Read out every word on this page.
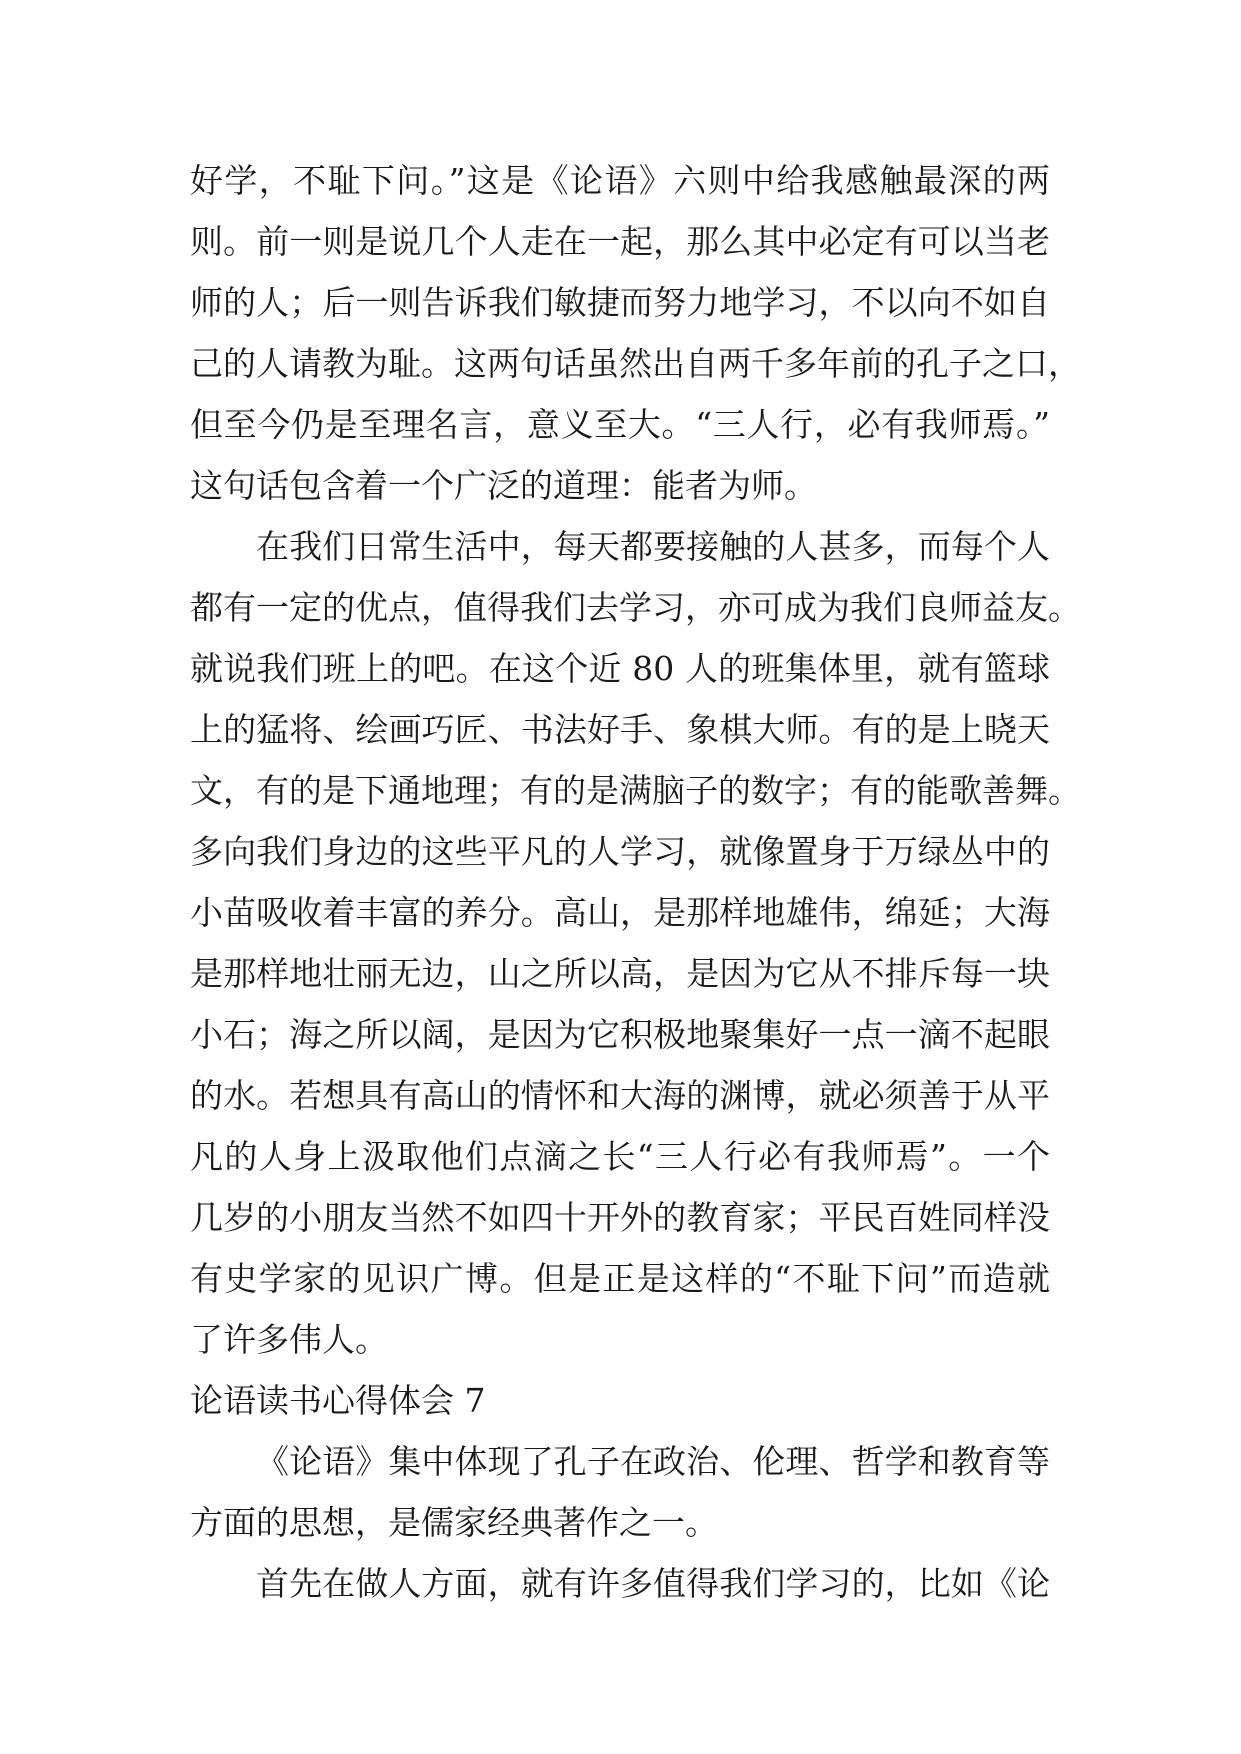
好学，不耻下问。”这是《论语》六则中给我感触最深的两
则。前一则是说几个人走在一起，那么其中必定有可以当老
师的人；后一则告诉我们敏捷而努力地学习，不以向不如自
己的人请教为耻。这两句话虽然出自两千多年前的孔子之口，
但至今仍是至理名言，意义至大。“三人行，必有我师焉。”
这句话包含着一个广泛的道理：能者为师。
在我们日常生活中，每天都要接触的人甚多，而每个人
都有一定的优点，值得我们去学习，亦可成为我们良师益友。
就说我们班上的吧。在这个近 80 人的班集体里，就有篮球
上的猛将、绘画巧匠、书法好手、象棋大师。有的是上晓天
文，有的是下通地理；有的是满脑子的数字；有的能歌善舞。
多向我们身边的这些平凡的人学习，就像置身于万绿丛中的
小苗吸收着丰富的养分。高山，是那样地雄伟，绵延；大海
是那样地壮丽无边，山之所以高，是因为它从不排斥每一块
小石；海之所以阔，是因为它积极地聚集好一点一滴不起眼
的水。若想具有高山的情怀和大海的渊博，就必须善于从平
凡的人身上汲取他们点滴之长“三人行必有我师焉”。一个
几岁的小朋友当然不如四十开外的教育家；平民百姓同样没
有史学家的见识广博。但是正是这样的“不耻下问”而造就
了许多伟人。
论语读书心得体会 7
《论语》集中体现了孔子在政治、伦理、哲学和教育等
方面的思想，是儒家经典著作之一。
首先在做人方面，就有许多值得我们学习的，比如《论
